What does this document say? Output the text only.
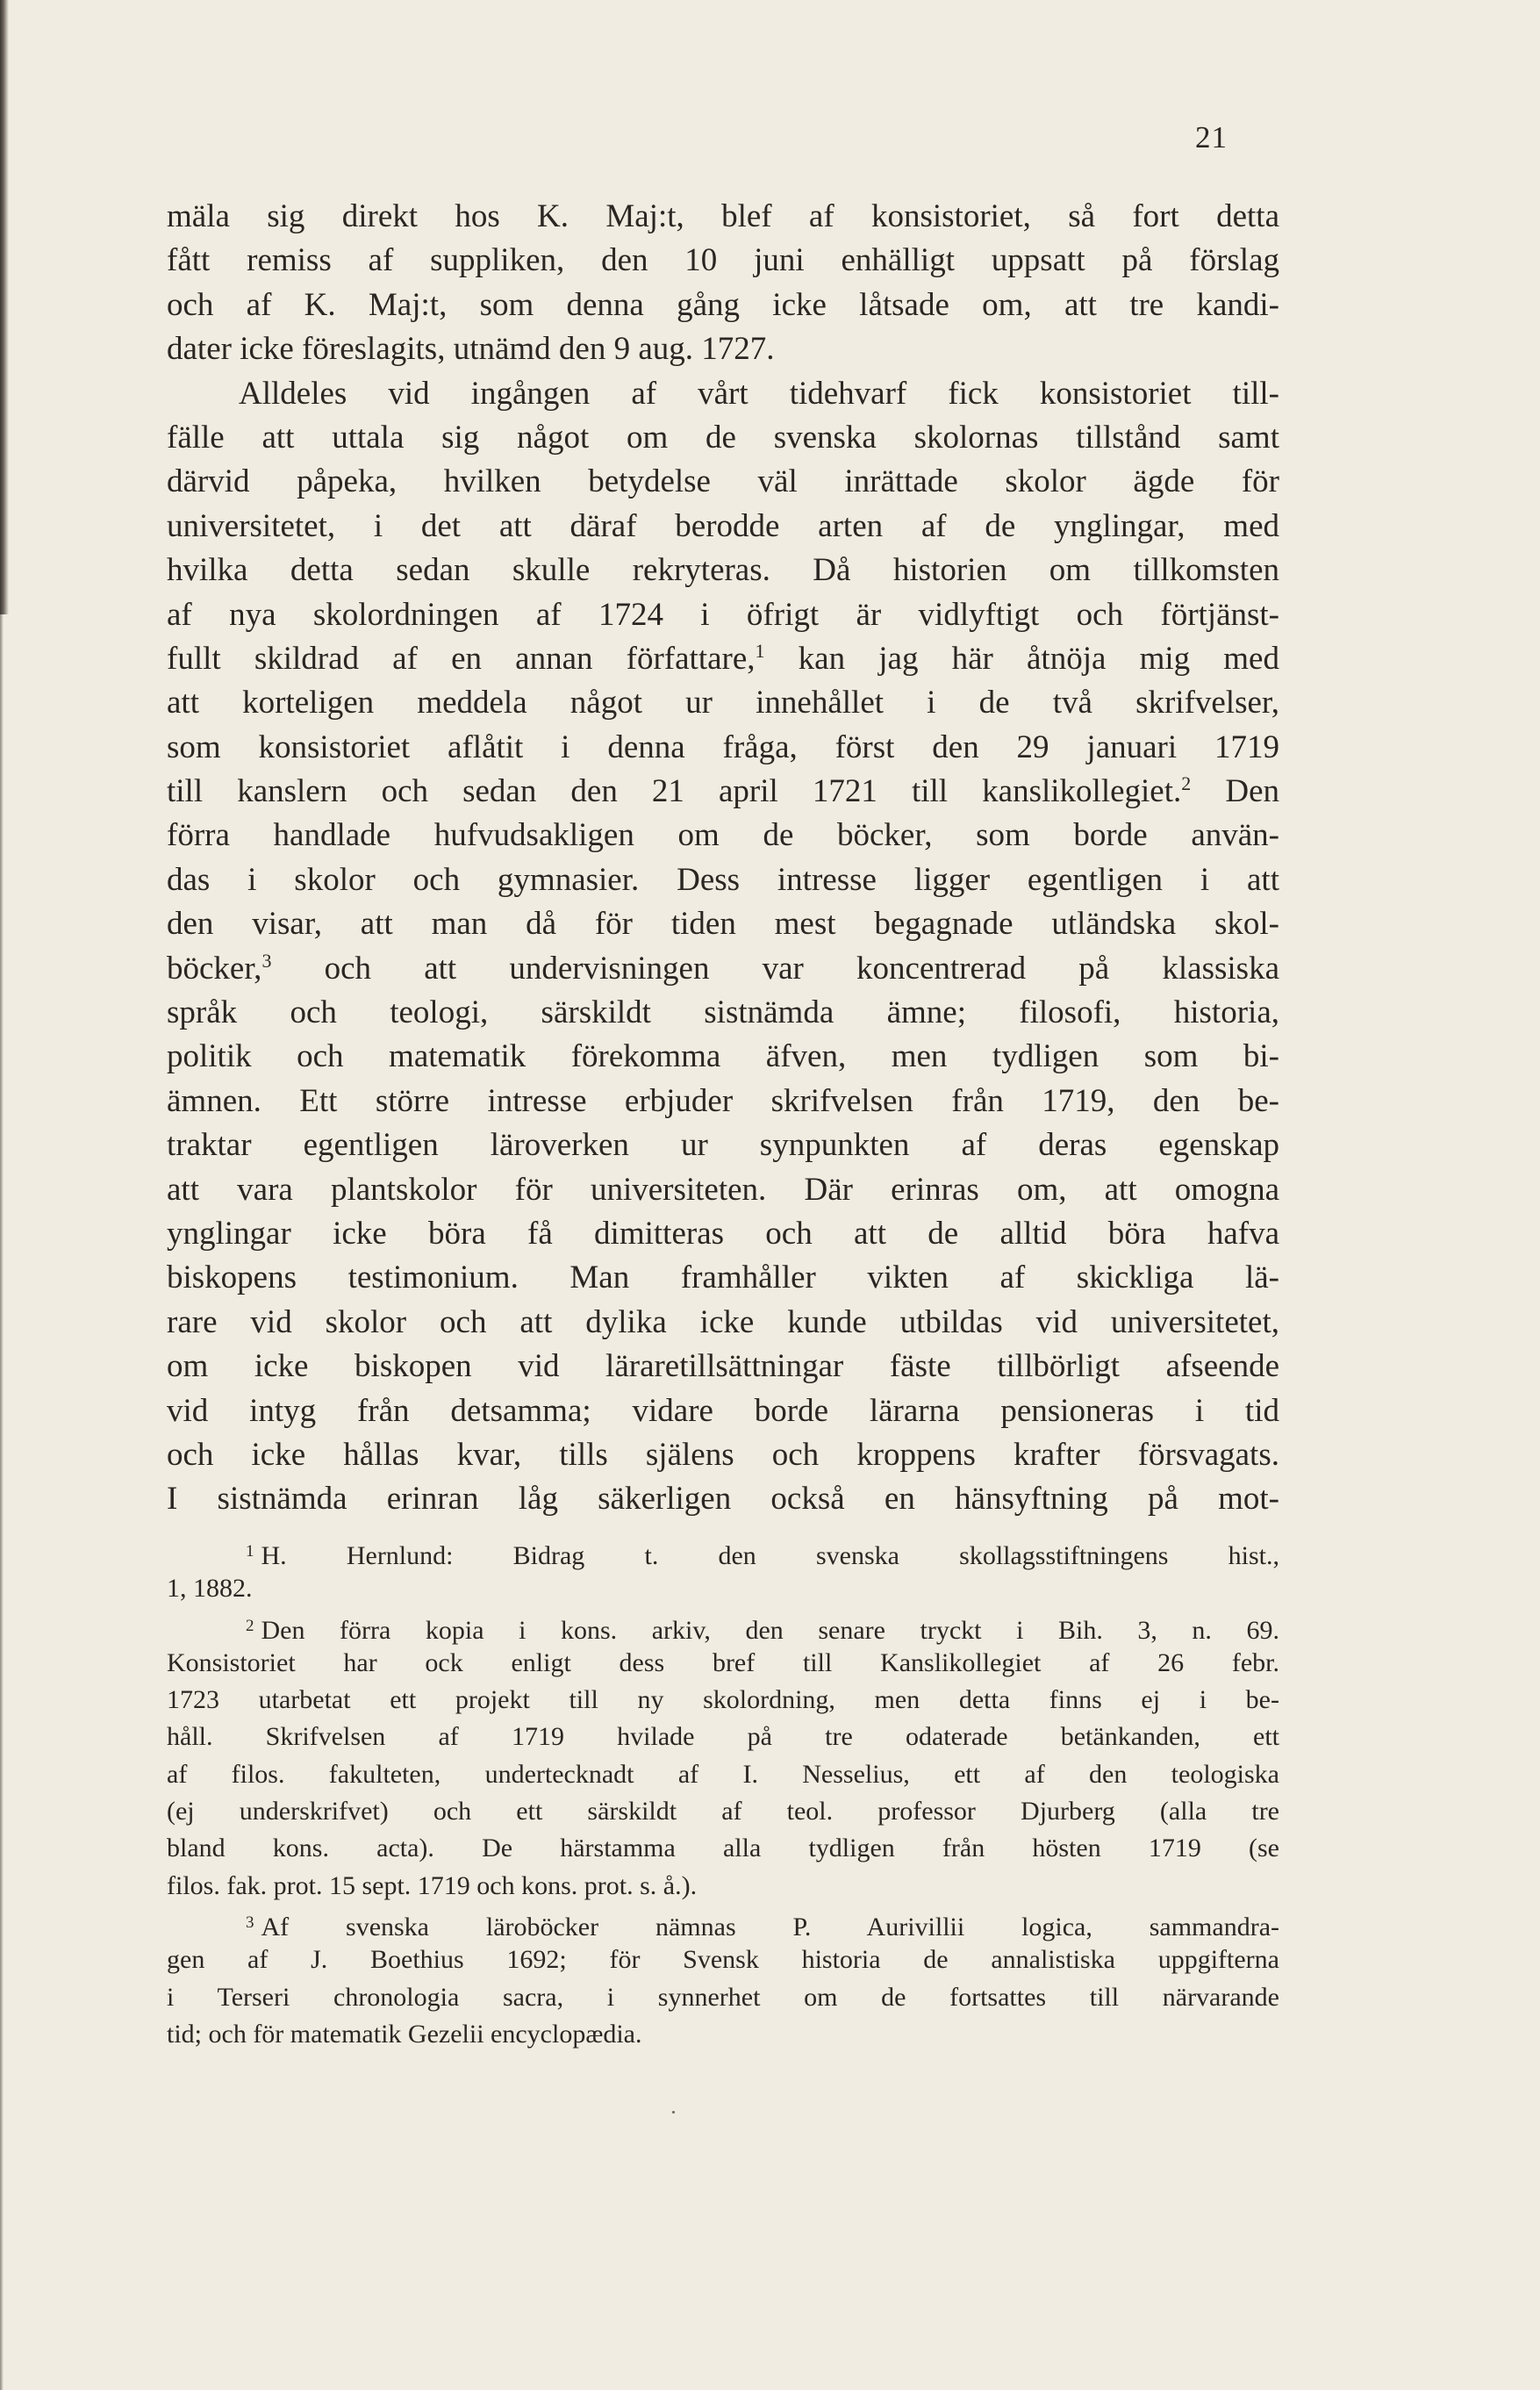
21
mäla sig direkt hos K. Maj:t, blef af konsistoriet, så fort detta
fått remiss af suppliken, den 10 juni enhälligt uppsatt på förslag
och af K. Maj:t, som denna gång icke låtsade om, att tre kandi-
dater icke föreslagits, utnämd den 9 aug. 1727.
Alldeles vid ingången af vårt tidehvarf fick konsistoriet till-
fälle att uttala sig något om de svenska skolornas tillstånd samt
därvid påpeka, hvilken betydelse väl inrättade skolor ägde för
universitetet, i det att däraf berodde arten af de ynglingar, med
hvilka detta sedan skulle rekryteras. Då historien om tillkomsten
af nya skolordningen af 1724 i öfrigt är vidlyftigt och förtjänst-
fullt skildrad af en annan författare,$^1$ kan jag här åtnöja mig med
att korteligen meddela något ur innehållet i de två skrifvelser,
som konsistoriet aflåtit i denna fråga, först den 29 januari 1719
till kanslern och sedan den 21 april 1721 till kanslikollegiet.$^2$ Den
förra handlade hufvudsakligen om de böcker, som borde använ-
das i skolor och gymnasier. Dess intresse ligger egentligen i att
den visar, att man då för tiden mest begagnade utländska skol-
böcker,$^3$ och att undervisningen var koncentrerad på klassiska
språk och teologi, särskildt sistnämda ämne; filosofi, historia,
politik och matematik förekomma äfven, men tydligen som bi-
ämnen. Ett större intresse erbjuder skrifvelsen från 1719, den be-
traktar egentligen läroverken ur synpunkten af deras egenskap
att vara plantskolor för universiteten. Där erinras om, att omogna
ynglingar icke böra få dimitteras och att de alltid böra hafva
biskopens testimonium. Man framhåller vikten af skickliga lä-
rare vid skolor och att dylika icke kunde utbildas vid universitetet,
om icke biskopen vid läraretillsättningar fäste tillbörligt afseende
vid intyg från detsamma; vidare borde lärarna pensioneras i tid
och icke hållas kvar, tills själens och kroppens krafter försvagats.
I sistnämda erinran låg säkerligen också en hänsyftning på mot-
$^1$ H. Hernlund: Bidrag t. den svenska skollagsstiftningens hist.,
1, 1882.
$^2$ Den förra kopia i kons. arkiv, den senare tryckt i Bih. 3, n. 69.
Konsistoriet har ock enligt dess bref till Kanslikollegiet af 26 febr.
1723 utarbetat ett projekt till ny skolordning, men detta finns ej i be-
håll. Skrifvelsen af 1719 hvilade på tre odaterade betänkanden, ett
af filos. fakulteten, undertecknadt af I. Nesselius, ett af den teologiska
(ej underskrifvet) och ett särskildt af teol. professor Djurberg (alla tre
bland kons. acta). De härstamma alla tydligen från hösten 1719 (se
filos. fak. prot. 15 sept. 1719 och kons. prot. s. å.).
$^3$ Af svenska läroböcker nämnas P. Aurivillii logica, sammandra-
gen af J. Boethius 1692; för Svensk historia de annalistiska uppgifterna
i Terseri chronologia sacra, i synnerhet om de fortsattes till närvarande
tid; och för matematik Gezelii encyclopædia.
